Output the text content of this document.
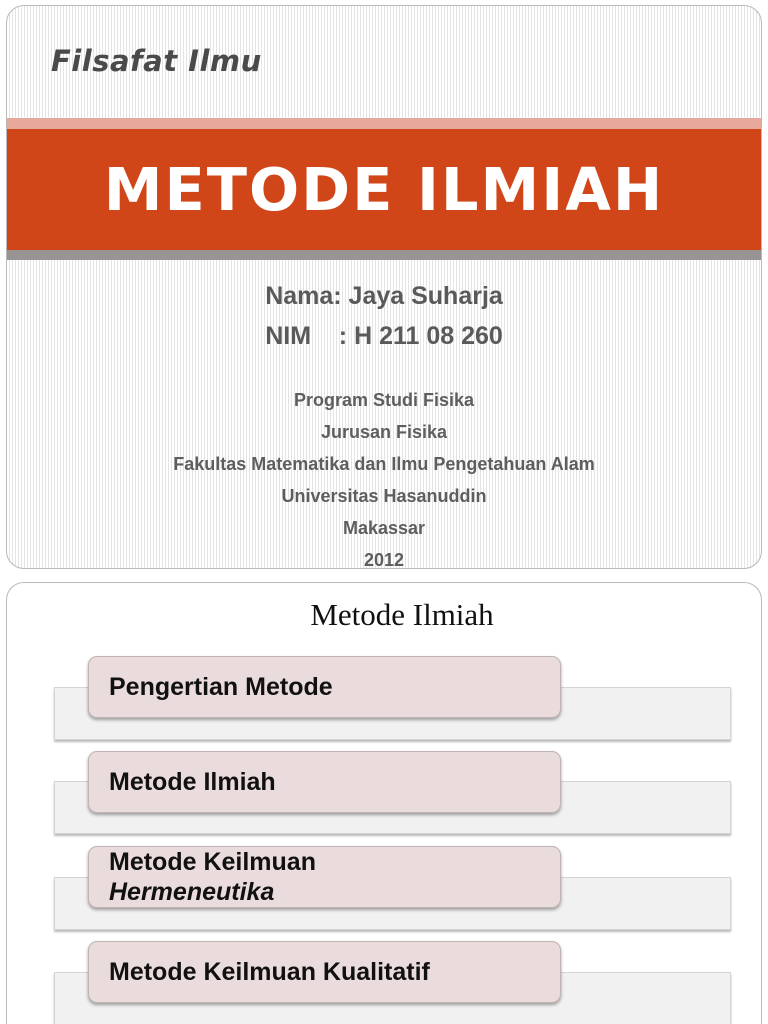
Filsafat Ilmu
METODE ILMIAH
Nama: Jaya Suharja
NIM    : H 211 08 260
Program Studi Fisika
Jurusan Fisika
Fakultas Matematika dan Ilmu Pengetahuan Alam
Universitas Hasanuddin
Makassar
2012
Metode Ilmiah
Pengertian Metode
Metode Ilmiah
Metode Keilmuan
Hermeneutika
Metode Keilmuan Kualitatif
